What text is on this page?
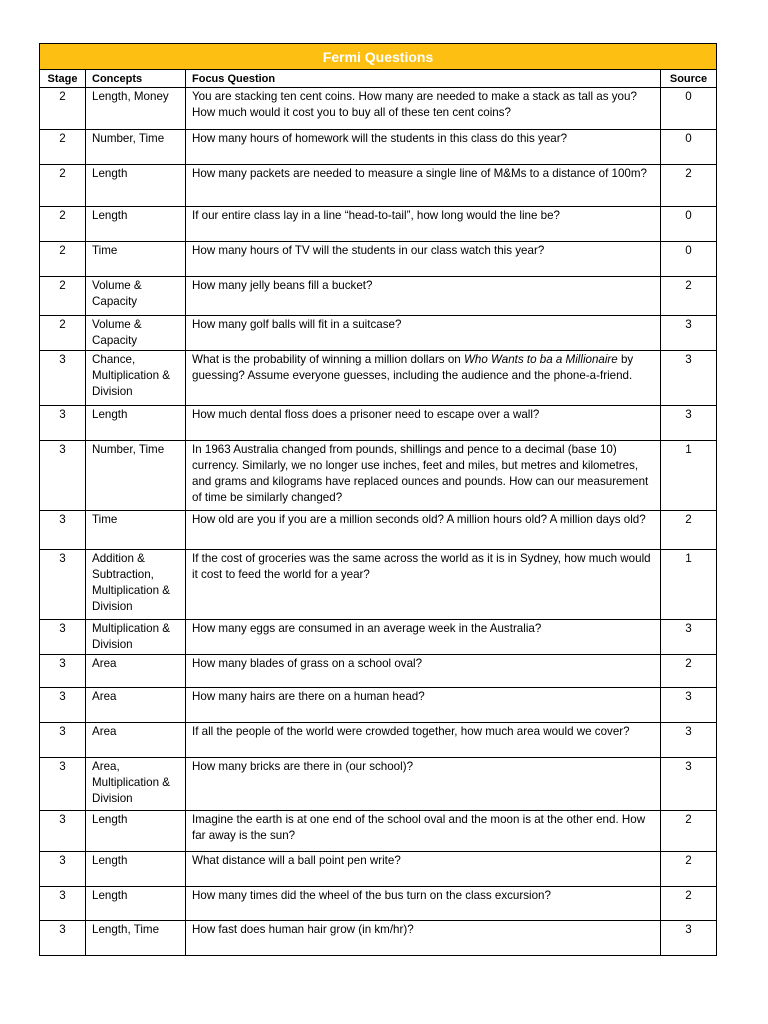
Fermi Questions			
Stage	Concepts	Focus Question	Source
2	Length, Money	You are stacking ten cent coins. How many are needed to make a stack as tall as you? How much would it cost you to buy all of these ten cent coins?	0
2	Number, Time	How many hours of homework will the students in this class do this year?	0
2	Length	How many packets are needed to measure a single line of M&Ms to a distance of 100m?	2
2	Length	If our entire class lay in a line “head-to-tail”, how long would the line be?	0
2	Time	How many hours of TV will the students in our class watch this year?	0
2	Volume & Capacity	How many jelly beans fill a bucket?	2
2	Volume & Capacity	How many golf balls will fit in a suitcase?	3
3	Chance, Multiplication & Division	What is the probability of winning a million dollars on Who Wants to ba a Millionaire by guessing? Assume everyone guesses, including the audience and the phone-a-friend.	3
3	Length	How much dental floss does a prisoner need to escape over a wall?	3
3	Number, Time	In 1963 Australia changed from pounds, shillings and pence to a decimal (base 10) currency. Similarly, we no longer use inches, feet and miles, but metres and kilometres, and grams and kilograms have replaced ounces and pounds. How can our measurement of time be similarly changed?	1
3	Time	How old are you if you are a million seconds old? A million hours old? A million days old?	2
3	Addition & Subtraction, Multiplication & Division	If the cost of groceries was the same across the world as it is in Sydney, how much would it cost to feed the world for a year?	1
3	Multiplication & Division	How many eggs are consumed in an average week in the Australia?	3
3	Area	How many blades of grass on a school oval?	2
3	Area	How many hairs are there on a human head?	3
3	Area	If all the people of the world were crowded together, how much area would we cover?	3
3	Area, Multiplication & Division	How many bricks are there in (our school)?	3
3	Length	Imagine the earth is at one end of the school oval and the moon is at the other end. How far away is the sun?	2
3	Length	What distance will a ball point pen write?	2
3	Length	How many times did the wheel of the bus turn on the class excursion?	2
3	Length, Time	How fast does human hair grow (in km/hr)?	3
